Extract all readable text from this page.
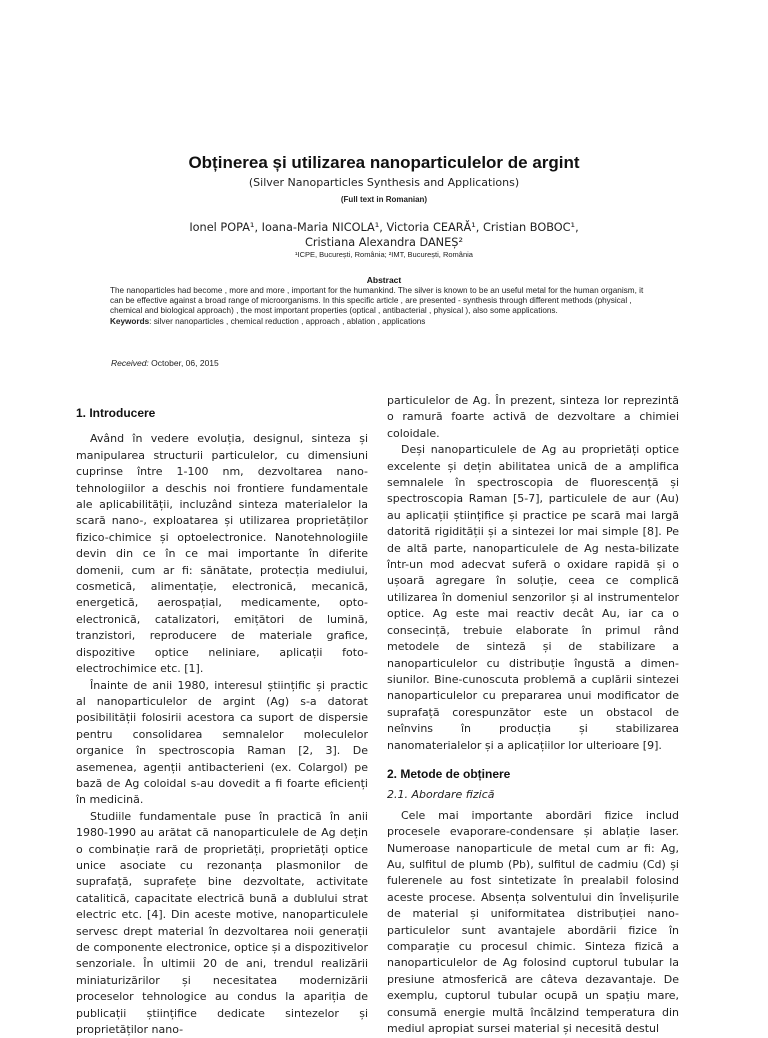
Obținerea și utilizarea nanoparticulelor de argint
(Silver Nanoparticles Synthesis and Applications)
(Full text in Romanian)
Ionel POPA¹, Ioana-Maria NICOLA¹, Victoria CEARĂ¹, Cristian BOBOC¹,
Cristiana Alexandra DANEȘ²
¹ICPE, București, România; ²IMT, București, România
Abstract

The nanoparticles had become , more and more , important for the humankind. The silver is known to be an useful metal for the human organism, it can be effective against a broad range of microorganisms. In this specific article , are presented - synthesis through different methods (physical , chemical and biological approach) , the most important properties (optical , antibacterial , physical ), also some applications.

Keywords: silver nanoparticles , chemical reduction , approach , ablation , applications

Received: October, 06, 2015
1. Introducere

Având în vedere evoluția, designul, sinteza și manipularea structurii particulelor, cu dimensiuni cuprinse între 1-100 nm, dezvoltarea nano-tehnologiilor a deschis noi frontiere fundamentale ale aplicabilității, incluzând sinteza materialelor la scară nano-, exploatarea și utilizarea proprietăților fizico-chimice și optoelectronice. Nanotehnologiile devin din ce în ce mai importante în diferite domenii, cum ar fi: sănătate, protecția mediului, cosmetică, alimentație, electronică, mecanică, energetică, aerospațial, medicamente, opto-electronică, catalizatori, emițători de lumină, tranzistori, reproducere de materiale grafice, dispozitive optice neliniare, aplicații foto-electrochimice etc. [1].

Înainte de anii 1980, interesul științific și practic al nanoparticulelor de argint (Ag) s-a datorat posibilității folosirii acestora ca suport de dispersie pentru consolidarea semnalelor moleculelor organice în spectroscopia Raman [2, 3]. De asemenea, agenții antibacterieni (ex. Colargol) pe bază de Ag coloidal s-au dovedit a fi foarte eficienți în medicină.

Studiile fundamentale puse în practică în anii 1980-1990 au arătat că nanoparticulele de Ag dețin o combinație rară de proprietăți, proprietăți optice unice asociate cu rezonanța plasmonilor de suprafață, suprafețe bine dezvoltate, activitate catalitică, capacitate electrică bună a dublului strat electric etc. [4]. Din aceste motive, nanoparticulele servesc drept material în dezvoltarea noii generații de componente electronice, optice și a dispozitivelor senzoriale. În ultimii 20 de ani, trendul realizării miniaturizărilor și necesitatea modernizării proceselor tehnologice au condus la apariția de publicații științifice dedicate sintezelor și proprietăților nano-

particulelor de Ag. În prezent, sinteza lor reprezintă o ramură foarte activă de dezvoltare a chimiei coloidale.

Deși nanoparticulele de Ag au proprietăți optice excelente și dețin abilitatea unică de a amplifica semnalele în spectroscopia de fluorescență și spectroscopia Raman [5-7], particulele de aur (Au) au aplicații științifice și practice pe scară mai largă datorită rigidității și a sintezei lor mai simple [8]. Pe de altă parte, nanoparticulele de Ag nesta-bilizate într-un mod adecvat suferă o oxidare rapidă și o ușoară agregare în soluție, ceea ce complică utilizarea în domeniul senzorilor și al instrumentelor optice. Ag este mai reactiv decât Au, iar ca o consecință, trebuie elaborate în primul rând metodele de sinteză și de stabilizare a nanoparticulelor cu distribuție îngustă a dimen-siunilor. Bine-cunoscuta problemă a cuplării sintezei nanoparticulelor cu prepararea unui modificator de suprafață corespunzător este un obstacol de neînvins în producția și stabilizarea nanomaterialelor și a aplicațiilor lor ulterioare [9].

2. Metode de obținere
2.1. Abordare fizică

Cele mai importante abordări fizice includ procesele evaporare-condensare și ablație laser. Numeroase nanoparticule de metal cum ar fi: Ag, Au, sulfitul de plumb (Pb), sulfitul de cadmiu (Cd) și fulerenele au fost sintetizate în prealabil folosind aceste procese. Absența solventului din învelișurile de material și uniformitatea distribuției nano-particulelor sunt avantajele abordării fizice în comparație cu procesul chimic. Sinteza fizică a nanoparticulelor de Ag folosind cuptorul tubular la presiune atmosferică are câteva dezavantaje. De exemplu, cuptorul tubular ocupă un spațiu mare, consumă energie multă încălzind temperatura din mediul apropiat sursei material și necesită destul
